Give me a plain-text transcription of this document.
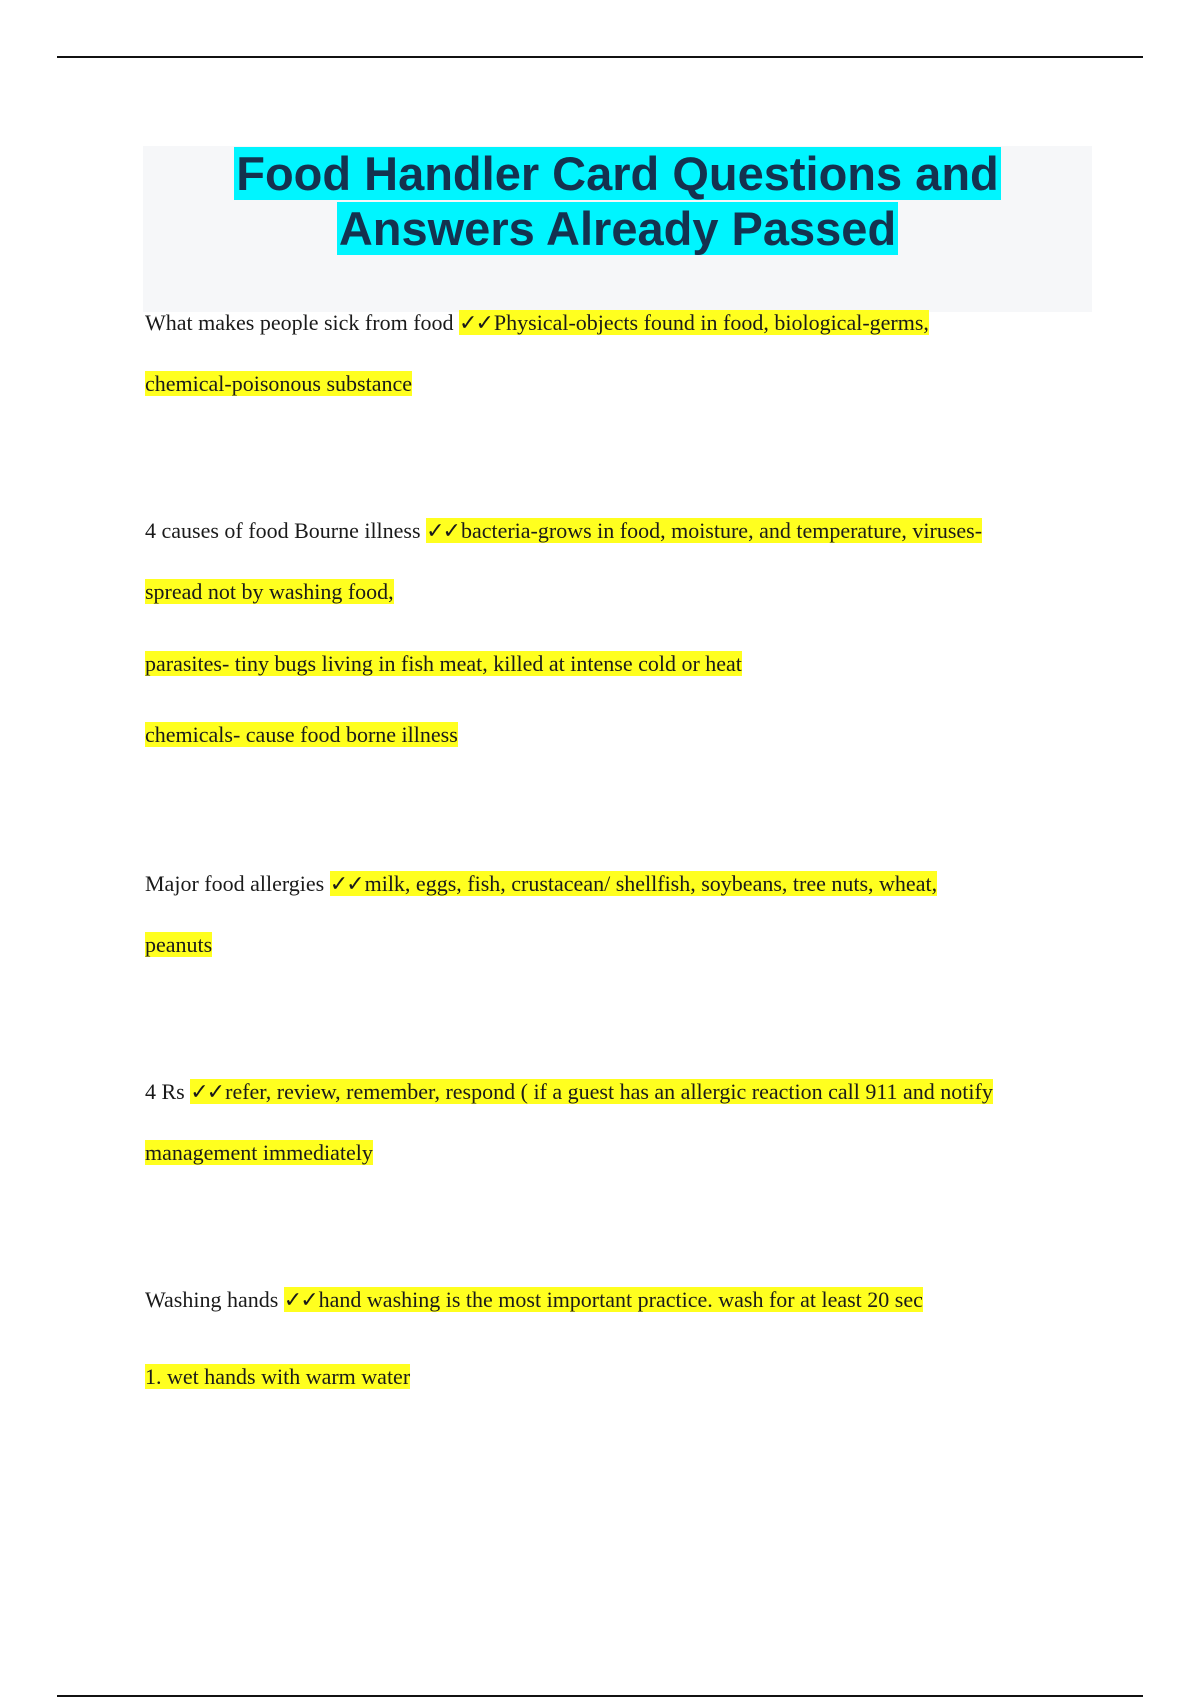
Food Handler Card Questions and
Answers Already Passed
What makes people sick from food ✓✓Physical-objects found in food, biological-germs,
chemical-poisonous substance
4 causes of food Bourne illness ✓✓bacteria-grows in food, moisture, and temperature, viruses-
spread not by washing food,
parasites- tiny bugs living in fish meat, killed at intense cold or heat
chemicals- cause food borne illness
Major food allergies ✓✓milk, eggs, fish, crustacean/ shellfish, soybeans, tree nuts, wheat,
peanuts
4 Rs ✓✓refer, review, remember, respond ( if a guest has an allergic reaction call 911 and notify
management immediately
Washing hands ✓✓hand washing is the most important practice. wash for at least 20 sec
1. wet hands with warm water
